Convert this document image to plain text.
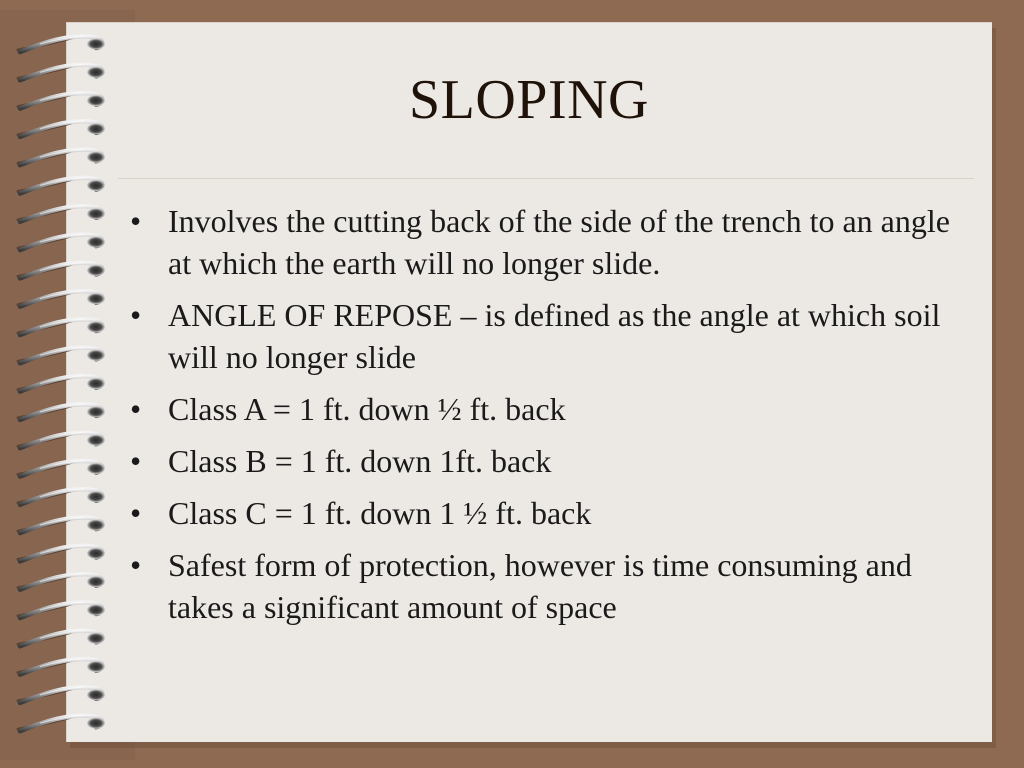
SLOPING
• Involves the cutting back of the side of the trench to an angle at which the earth will no longer slide.
• ANGLE OF REPOSE – is defined as the angle at which soil will no longer slide
• Class A = 1 ft. down ½ ft. back
• Class B = 1 ft. down 1ft. back
• Class C = 1 ft. down 1 ½ ft. back
• Safest form of protection, however is time consuming and takes a significant amount of space
